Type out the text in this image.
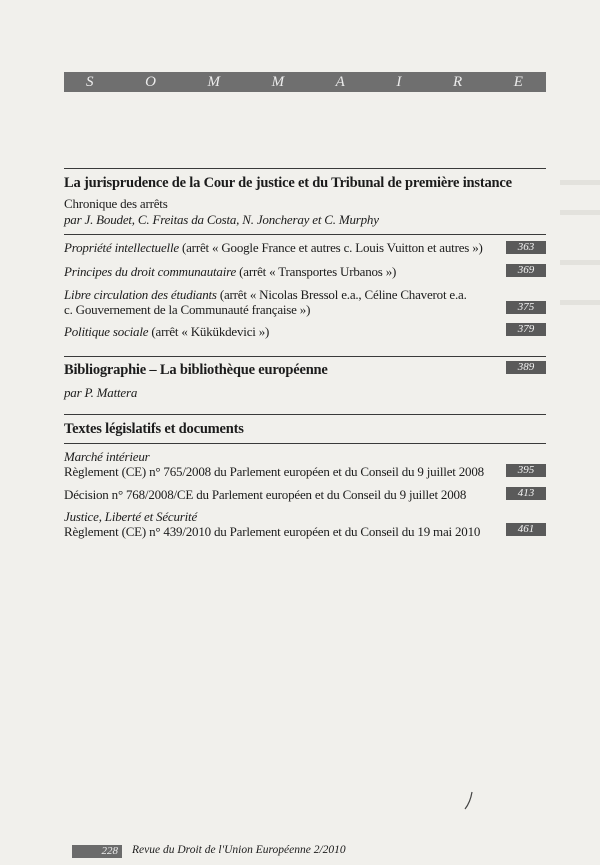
S	O	M	M	A	I	R	E
La jurisprudence de la Cour de justice et du Tribunal de première instance
Chronique des arrêts
par J. Boudet, C. Freitas da Costa, N. Joncheray et C. Murphy
Propriété intellectuelle (arrêt « Google France et autres c. Louis Vuitton et autres »)	363
Principes du droit communautaire (arrêt « Transportes Urbanos »)	369
Libre circulation des étudiants (arrêt « Nicolas Bressol e.a., Céline Chaverot e.a.
c. Gouvernement de la Communauté française »)	375
Politique sociale (arrêt « Kükükdevici »)	379
Bibliographie – La bibliothèque européenne	389
par P. Mattera
Textes législatifs et documents
Marché intérieur
Règlement (CE) n° 765/2008 du Parlement européen et du Conseil du 9 juillet 2008	395
Décision n° 768/2008/CE du Parlement européen et du Conseil du 9 juillet 2008	413
Justice, Liberté et Sécurité
Règlement (CE) n° 439/2010 du Parlement européen et du Conseil du 19 mai 2010	461
228	Revue du Droit de l'Union Européenne 2/2010
